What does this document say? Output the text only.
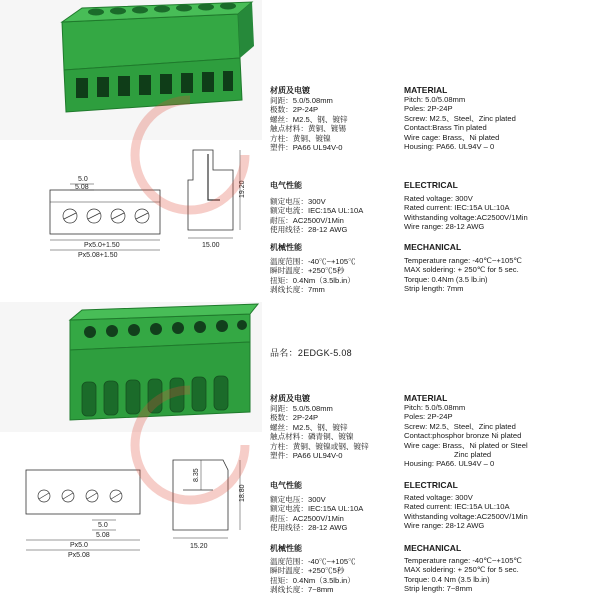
5.0
5.08
Px5.0+1.50
Px5.08+1.50
19.20
15.00
材质及电镀
间距：5.0/5.08mm
极数：2P-24P
螺丝：M2.5、钢、镀锌
触点材料：黄铜、镀锡
方柱：黄铜、镀镍
塑件：PA66 UL94V-0
电气性能
额定电压：300V
额定电流：IEC:15A UL:10A
耐压：AC2500V/1Min
使用线径：28-12 AWG
机械性能
温度范围：-40℃~+105℃
瞬时温度：+250℃5秒
扭矩：0.4Nm（3.5lb.in）
剥线长度：7mm
MATERIAL
Pitch: 5.0/5.08mm
Poles: 2P-24P
Screw: M2.5、Steel、Zinc plated
Contact:Brass Tin plated
Wire cage: Brass、Ni plated
Housing: PA66. UL94V – 0
ELECTRICAL
Rated voltage: 300V
Rated current: IEC:15A UL:10A
Withstanding voltage:AC2500V/1Min
Wire range: 28-12 AWG
MECHANICAL
Temperature range: -40℃~+105℃
MAX soldering: + 250℃ for 5 sec.
Torque: 0.4Nm (3.5 lb.in)
Strip length: 7mm
品名：2EDGK-5.08
5.0
5.08
Px5.0
Px5.08
8.35
18.80
15.20
材质及电镀
间距：5.0/5.08mm
极数：2P-24P
螺丝：M2.5、钢、镀锌
触点材料：磷青铜、镀镍
方柱：黄铜、镀镍或钢、镀锌
塑件：PA66 UL94V-0
电气性能
额定电压：300V
额定电流：IEC:15A UL:10A
耐压：AC2500V/1Min
使用线径：28-12 AWG
机械性能
温度范围：-40℃~+105℃
瞬时温度：+250℃5秒
扭矩：0.4Nm（3.5lb.in）
剥线长度：7~8mm
MATERIAL
Pitch: 5.0/5.08mm
Poles: 2P-24P
Screw: M2.5、Steel、Zinc plated
Contact:phosphor bronze Ni plated
Wire cage: Brass、Ni plated or Steel
Zinc plated
Housing: PA66. UL94V – 0
ELECTRICAL
Rated voltage: 300V
Rated current: IEC:15A UL:10A
Withstanding voltage:AC2500V/1Min
Wire range: 28-12 AWG
MECHANICAL
Temperature range: -40℃~+105℃
MAX soldering: + 250℃ for 5 sec.
Torque: 0.4 Nm (3.5 lb.in)
Strip length: 7~8mm
